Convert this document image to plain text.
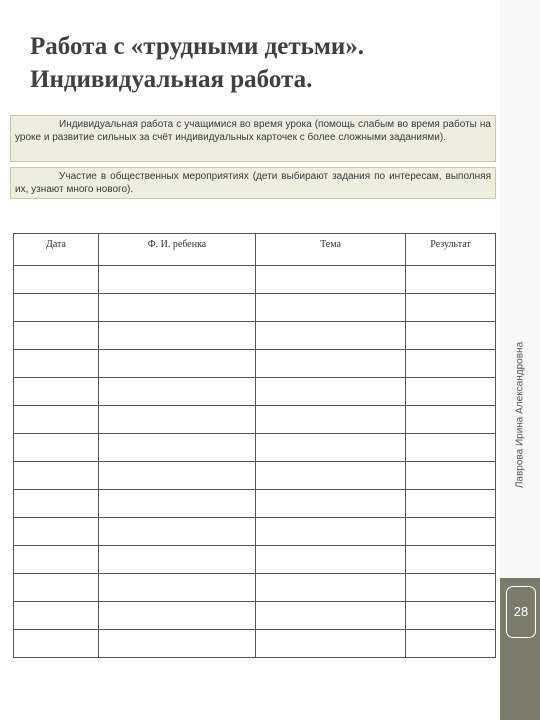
Работа с «трудными детьми».
Индивидуальная работа.
Индивидуальная работа с учащимися во время урока (помощь слабым во время работы на уроке и развитие сильных за счёт индивидуальных карточек с более сложными заданиями).
Участие в общественных мероприятиях (дети выбирают задания по интересам, выполняя их, узнают много нового).
Дата	Ф. И. ребенка	Тема	Результат

Лаврова Ирина Александровна
28
